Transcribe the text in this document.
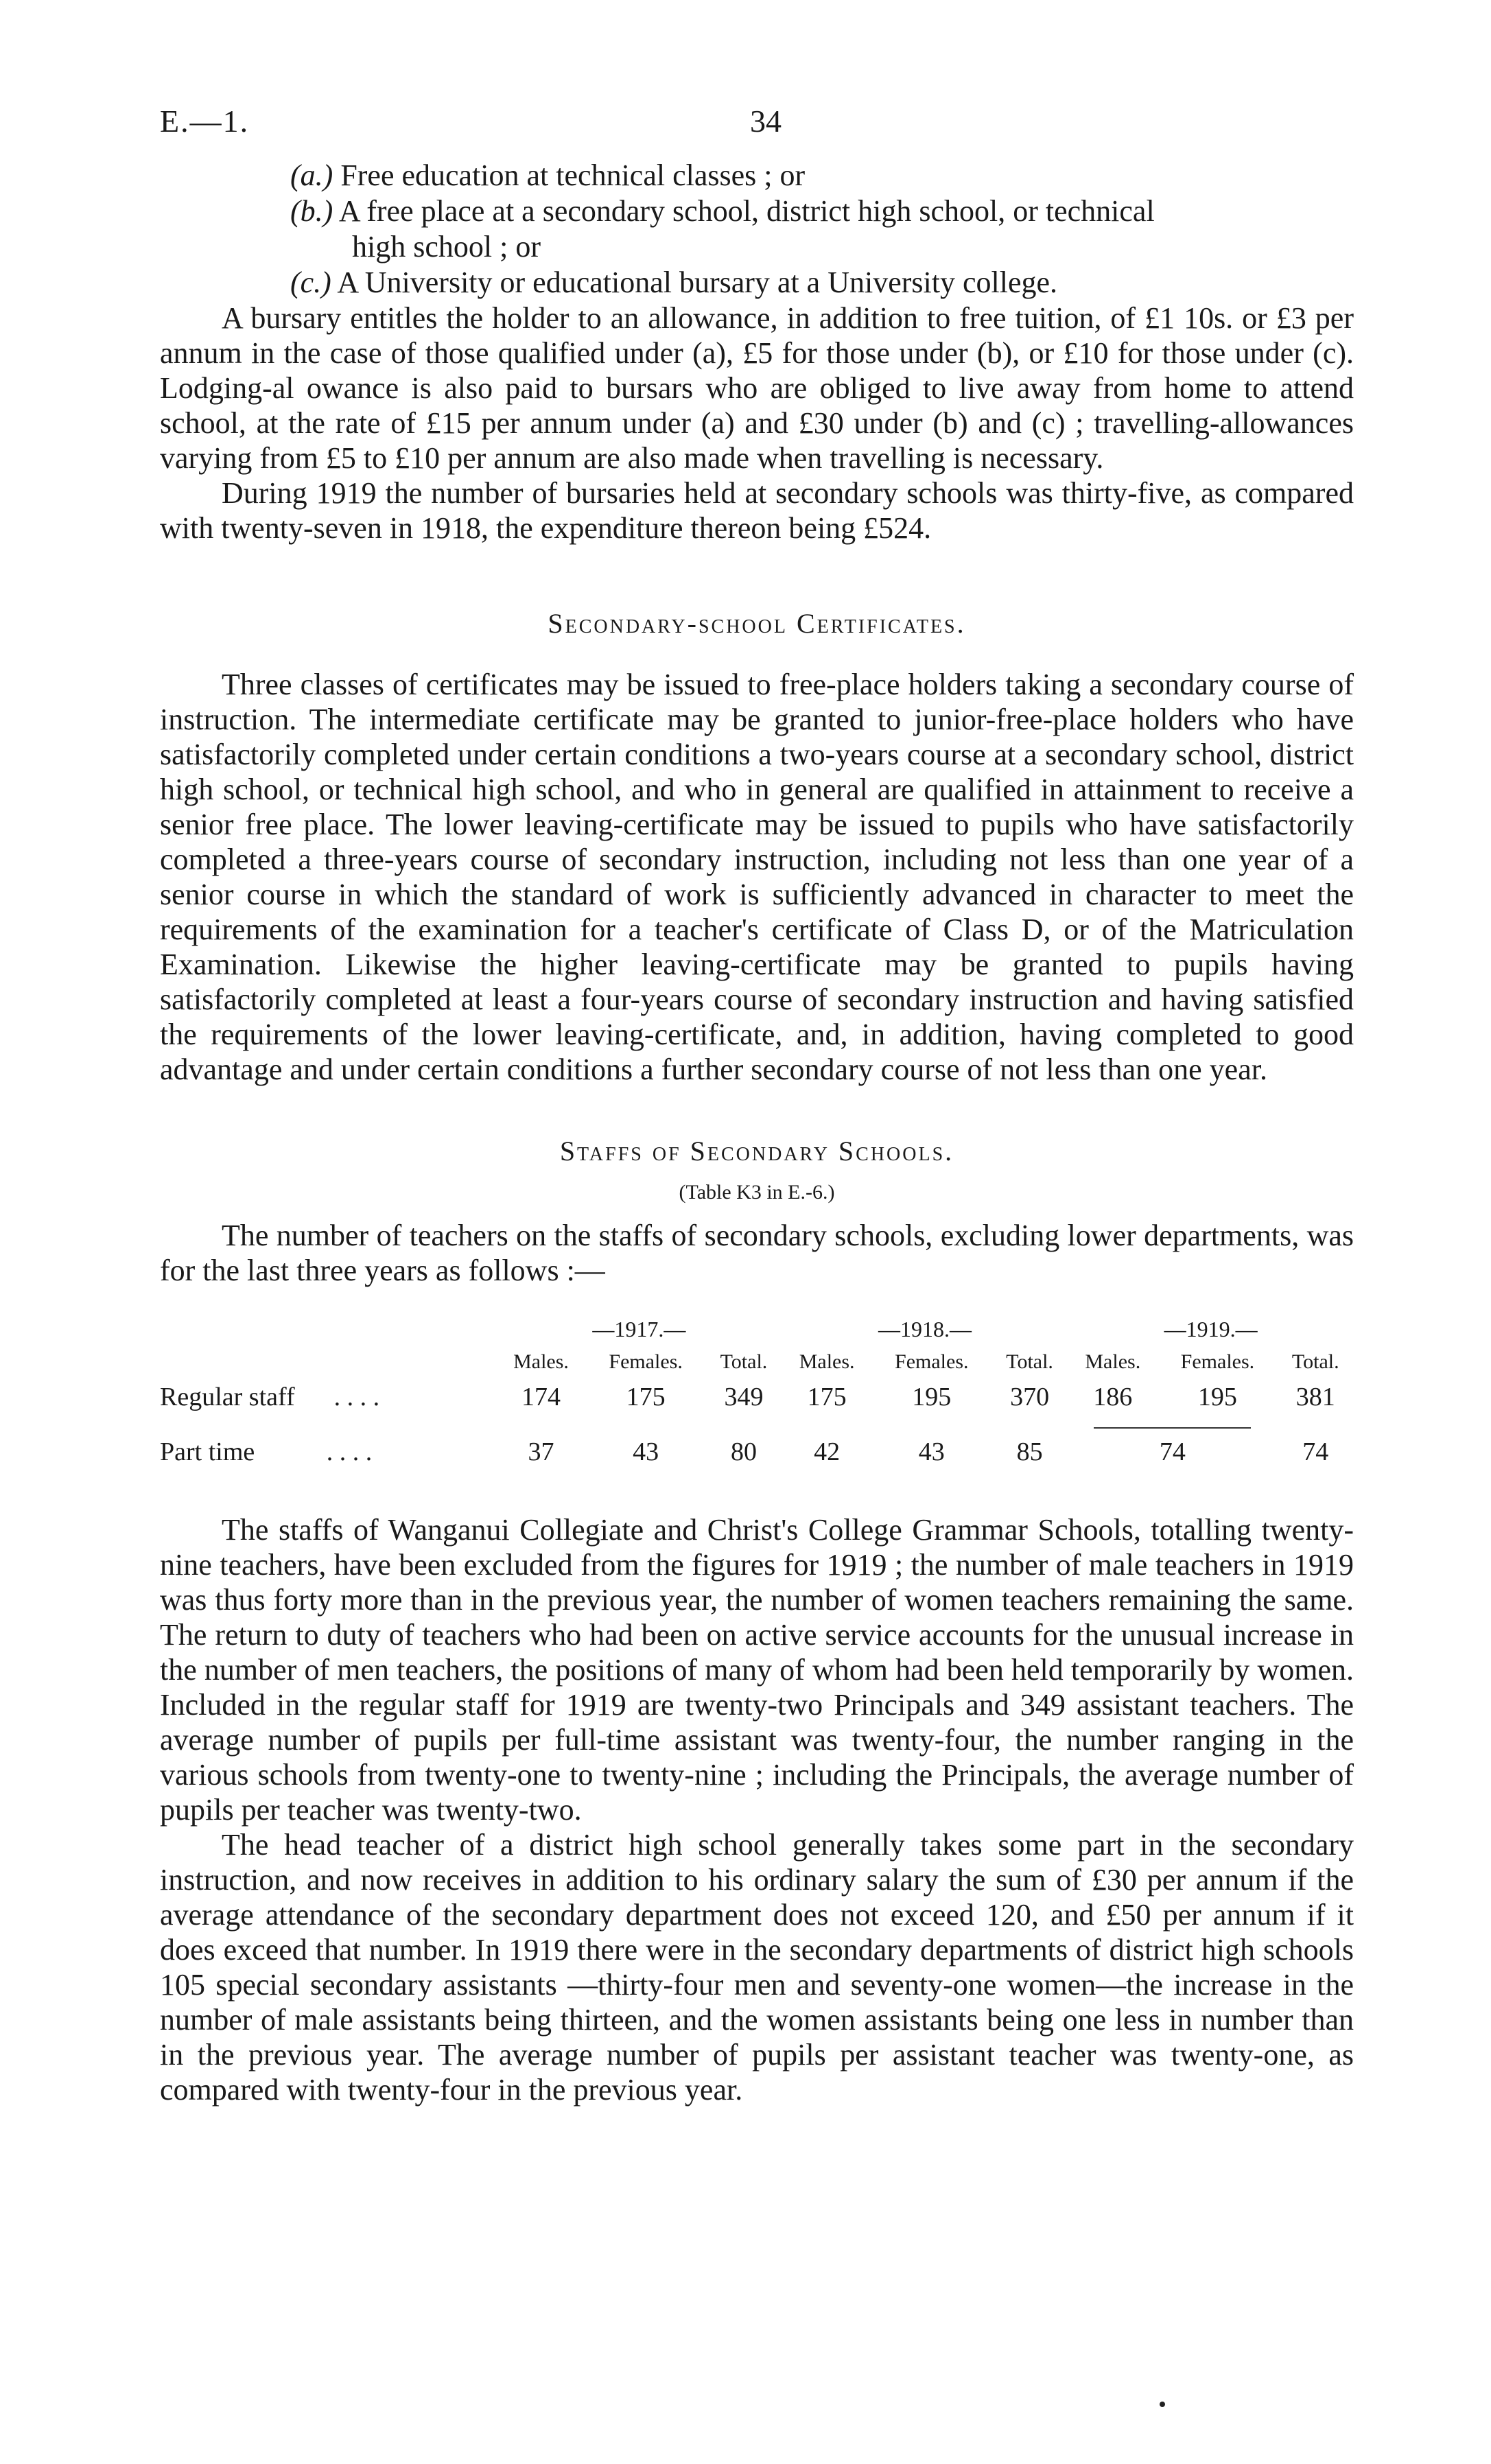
E.—1.	34
(a.) Free education at technical classes ; or
(b.) A free place at a secondary school, district high school, or technical
high school ; or
(c.) A University or educational bursary at a University college.

A bursary entitles the holder to an allowance, in addition to free tuition, of £1 10s. or £3 per annum in the case of those qualified under (a), £5 for those under (b), or £10 for those under (c). Lodging-al owance is also paid to bursars who are obliged to live away from home to attend school, at the rate of £15 per annum under (a) and £30 under (b) and (c) ; travelling-allowances varying from £5 to £10 per annum are also made when travelling is necessary.

During 1919 the number of bursaries held at secondary schools was thirty-five, as compared with twenty-seven in 1918, the expenditure thereon being £524.

Secondary-school Certificates.

Three classes of certificates may be issued to free-place holders taking a secondary course of instruction. The intermediate certificate may be granted to junior-free-place holders who have satisfactorily completed under certain conditions a two-years course at a secondary school, district high school, or technical high school, and who in general are qualified in attainment to receive a senior free place. The lower leaving-certificate may be issued to pupils who have satisfactorily completed a three-years course of secondary instruction, including not less than one year of a senior course in which the standard of work is sufficiently advanced in character to meet the requirements of the examination for a teacher's certificate of Class D, or of the Matriculation Examination. Likewise the higher leaving-certificate may be granted to pupils having satisfactorily completed at least a four-years course of secondary instruction and having satisfied the requirements of the lower leaving-certificate, and, in addition, having completed to good advantage and under certain conditions a further secondary course of not less than one year.

Staffs of Secondary Schools.
(Table K3 in E.-6.)

The number of teachers on the staffs of secondary schools, excluding lower departments, was for the last three years as follows :—

	—1917.—			—1918.—			—1919.—		
	Males.	Females.	Total.	Males.	Females.	Total.	Males.	Females.	Total.
Regular staff . . . .	174	175	349	175	195	370	186	195	381

Part time . . . .	37	43	80	42	43	85	74		74

The staffs of Wanganui Collegiate and Christ's College Grammar Schools, totalling twenty-nine teachers, have been excluded from the figures for 1919 ; the number of male teachers in 1919 was thus forty more than in the previous year, the number of women teachers remaining the same. The return to duty of teachers who had been on active service accounts for the unusual increase in the number of men teachers, the positions of many of whom had been held temporarily by women. Included in the regular staff for 1919 are twenty-two Principals and 349 assistant teachers. The average number of pupils per full-time assistant was twenty-four, the number ranging in the various schools from twenty-one to twenty-nine ; including the Principals, the average number of pupils per teacher was twenty-two.

The head teacher of a district high school generally takes some part in the secondary instruction, and now receives in addition to his ordinary salary the sum of £30 per annum if the average attendance of the secondary department does not exceed 120, and £50 per annum if it does exceed that number. In 1919 there were in the secondary departments of district high schools 105 special secondary assistants —thirty-four men and seventy-one women—the increase in the number of male assistants being thirteen, and the women assistants being one less in number than in the previous year. The average number of pupils per assistant teacher was twenty-one, as compared with twenty-four in the previous year.
